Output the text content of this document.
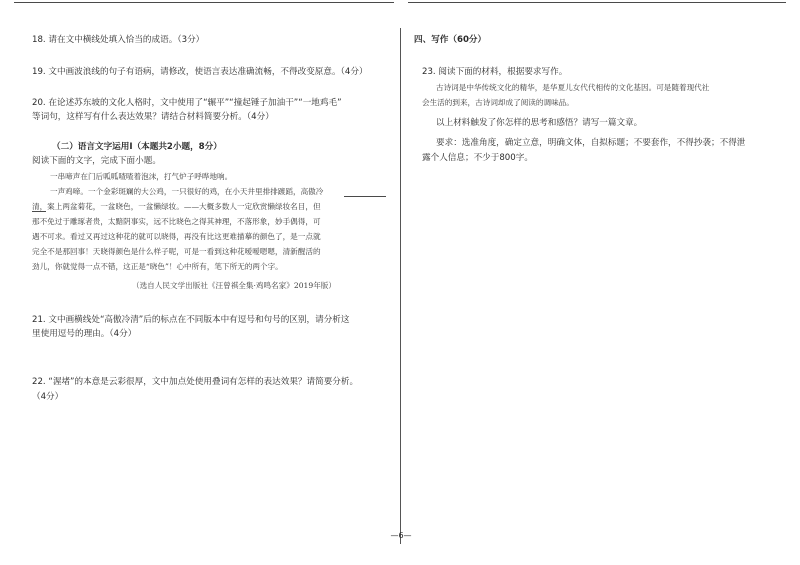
18. 请在文中横线处填入恰当的成语。（3分）
19. 文中画波浪线的句子有语病，请修改，使语言表达准确流畅，不得改变原意。（4分）
20. 在论述苏东坡的文化人格时，文中使用了“辗平”“撞起锤子加油干”“一地鸡毛”
等词句，这样写有什么表达效果？请结合材料简要分析。（4分）
（二）语言文字运用Ⅰ（本题共2小题，8分）
阅读下面的文字，完成下面小题。
一串啼声在门后呱呱喳喳着泡沫，打气炉子呼哗地响。
一声鸡啼。一个金彩斑斓的大公鸡，一只很好的鸡，在小天井里排排踱蹈，高傲冷
清，案上两盆菊花，一盆晓色，一盆懒绿妆。——大概多数人一定欣赏懒绿妆名目，但
那不免过于雕琢者贵，太黯阴事实，远不比晓色之得其神理，不落形象，妙手偶得，可
遇不可求。看过又再过这种花的就可以晓得，再没有比这更难描摹的颜色了，是一点就
完全不是那回事！天晓得颜色是什么样子呢，可是一看到这种花嗳嗳嗯嗯，清新醒活的
劲儿，你就觉得一点不错，这正是“晓色”！心中所有，笔下所无的两个字。
（选自人民文学出版社《汪曾祺全集·鸡鸣名家》2019年版）
21. 文中画横线处“高傲冷清”后的标点在不同版本中有逗号和句号的区别，请分析这
里使用逗号的理由。（4分）
22. “渥堵”的本意是云彩很厚，文中加点处使用叠词有怎样的表达效果？请简要分析。
（4分）
四、写作（60分）
23. 阅读下面的材料，根据要求写作。
古诗词是中华传统文化的精华，是华夏儿女代代相传的文化基因。可是随着现代社
会生活的到来，古诗词却成了阅读的调味品。
以上材料触发了你怎样的思考和感悟？请写一篇文章。
要求：选准角度，确定立意，明确文体，自拟标题；不要套作，不得抄袭；不得泄
露个人信息；不少于800字。
—6—
